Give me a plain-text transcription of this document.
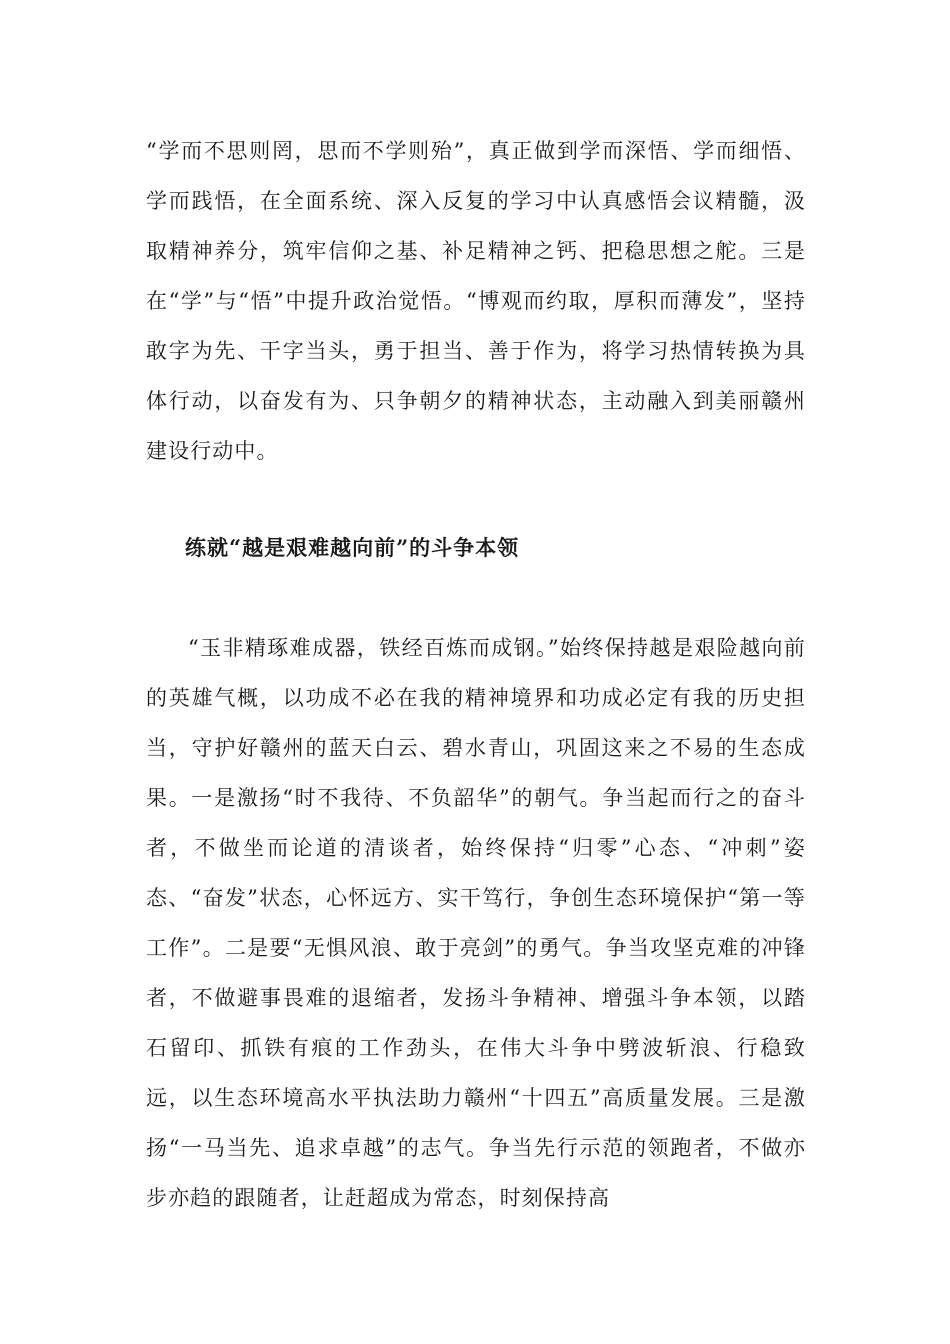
“学而不思则罔，思而不学则殆”，真正做到学而深悟、学而细悟、学而践悟，在全面系统、深入反复的学习中认真感悟会议精髓，汲取精神养分，筑牢信仰之基、补足精神之钙、把稳思想之舵。三是在“学”与“悟”中提升政治觉悟。“博观而约取，厚积而薄发”，坚持敢字为先、干字当头，勇于担当、善于作为，将学习热情转换为具体行动，以奋发有为、只争朝夕的精神状态，主动融入到美丽赣州建设行动中。

练就“越是艰难越向前”的斗争本领

“玉非精琢难成器，铁经百炼而成钢。”始终保持越是艰险越向前的英雄气概，以功成不必在我的精神境界和功成必定有我的历史担当，守护好赣州的蓝天白云、碧水青山，巩固这来之不易的生态成果。一是激扬“时不我待、不负韶华”的朝气。争当起而行之的奋斗者，不做坐而论道的清谈者，始终保持“归零”心态、“冲刺”姿态、“奋发”状态，心怀远方、实干笃行，争创生态环境保护“第一等工作”。二是要“无惧风浪、敢于亮剑”的勇气。争当攻坚克难的冲锋者，不做避事畏难的退缩者，发扬斗争精神、增强斗争本领，以踏石留印、抓铁有痕的工作劲头，在伟大斗争中劈波斩浪、行稳致远，以生态环境高水平执法助力赣州“十四五”高质量发展。三是激扬“一马当先、追求卓越”的志气。争当先行示范的领跑者，不做亦步亦趋的跟随者，让赶超成为常态，时刻保持高
